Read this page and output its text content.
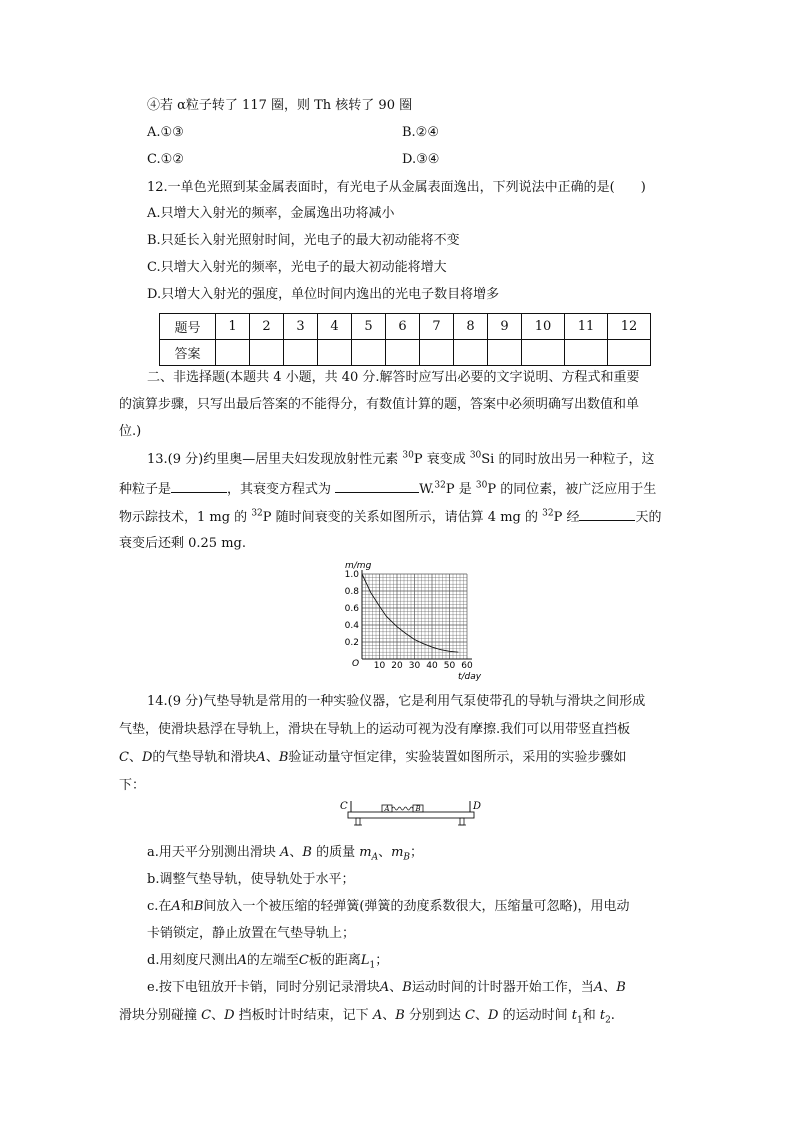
④若 α粒子转了 117 圈，则 Th 核转了 90 圈
A.①③	B.②④
C.①②	D.③④
12.一单色光照到某金属表面时，有光电子从金属表面逸出，下列说法中正确的是(　　)
A.只增大入射光的频率，金属逸出功将减小
B.只延长入射光照射时间，光电子的最大初动能将不变
C.只增大入射光的频率，光电子的最大初动能将增大
D.只增大入射光的强度，单位时间内逸出的光电子数目将增多
题号	1	2	3	4	5	6	7	8	9	10	11	12
答案												
二、非选择题(本题共 4 小题，共 40 分.解答时应写出必要的文字说明、方程式和重要
的演算步骤，只写出最后答案的不能得分，有数值计算的题，答案中必须明确写出数值和单
位.)
13.(9 分)约里奥—居里夫妇发现放射性元素 $^{30}$P 衰变成 $^{30}$Si 的同时放出另一种粒子，这
种粒子是	，其衰变方程式为	W.$^{32}$P 是 $^{30}$P 的同位素，被广泛应用于生
物示踪技术，1 mg 的 $^{32}$P 随时间衰变的关系如图所示，请估算 4 mg 的 $^{32}$P 经	天的
衰变后还剩 0.25 mg.
1.0
0.8
0.6
0.4
0.2
10 20 30 40 50 60
m/mg
t/day
O
14.(9 分)气垫导轨是常用的一种实验仪器，它是利用气泵使带孔的导轨与滑块之间形成
气垫，使滑块悬浮在导轨上，滑块在导轨上的运动可视为没有摩擦.我们可以用带竖直挡板
C、D的气垫导轨和滑块A、B验证动量守恒定律，实验装置如图所示，采用的实验步骤如
下：
C	D
A	B
a.用天平分别测出滑块 A、B 的质量 $m_A$、$m_B$；
b.调整气垫导轨，使导轨处于水平；
c.在A和B间放入一个被压缩的轻弹簧(弹簧的劲度系数很大，压缩量可忽略)，用电动
卡销锁定，静止放置在气垫导轨上；
d.用刻度尺测出A的左端至C板的距离$L_1$；
e.按下电钮放开卡销，同时分别记录滑块A、B运动时间的计时器开始工作，当A、B
滑块分别碰撞 C、D 挡板时计时结束，记下 A、B 分别到达 C、D 的运动时间 $t_1$和 $t_2$.
